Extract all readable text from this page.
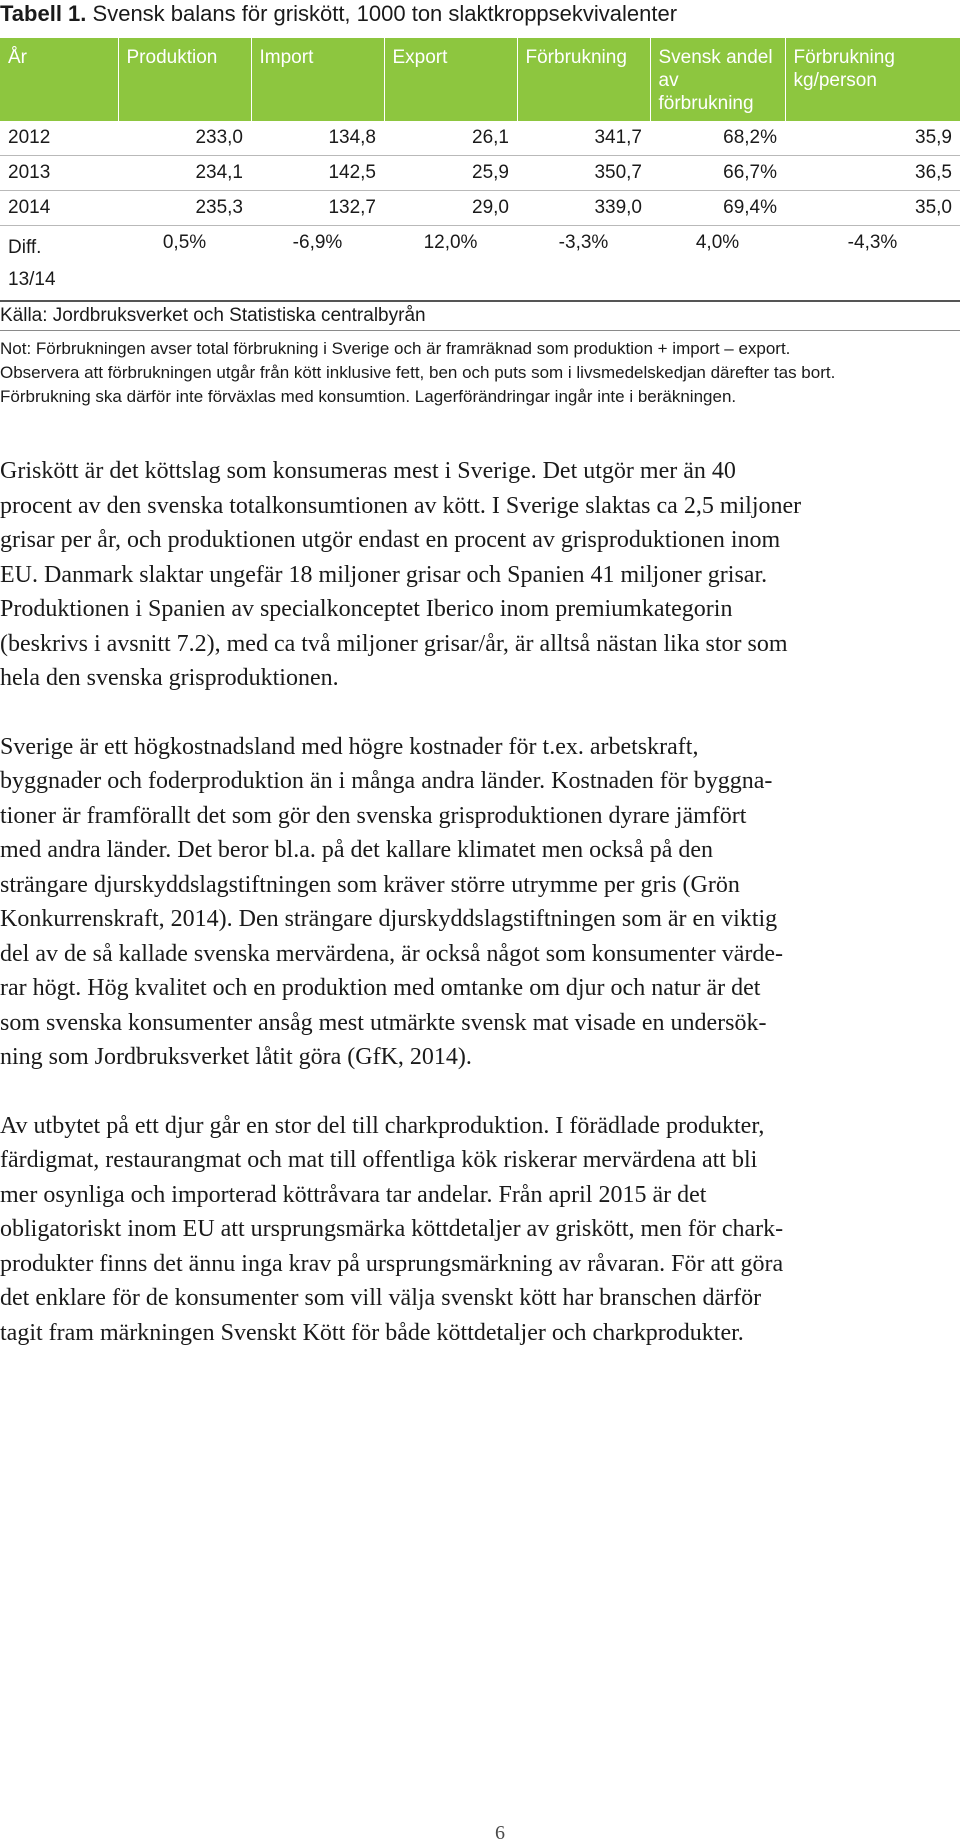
Tabell 1. Svensk balans för griskött, 1000 ton slaktkroppsekvivalenter
År	Produktion	Import	Export	Förbrukning	Svensk andel av förbrukning	Förbrukning kg/person
2012	233,0	134,8	26,1	341,7	68,2%	35,9
2013	234,1	142,5	25,9	350,7	66,7%	36,5
2014	235,3	132,7	29,0	339,0	69,4%	35,0

Diff.
13/14	0,5%	-6,9%	12,0%	-3,3%	4,0%	-4,3%
Källa: Jordbruksverket och Statistiska centralbyrån
Not: Förbrukningen avser total förbrukning i Sverige och är framräknad som produktion + import – export.
Observera att förbrukningen utgår från kött inklusive fett, ben och puts som i livsmedelskedjan därefter tas bort.
Förbrukning ska därför inte förväxlas med konsumtion. Lagerförändringar ingår inte i beräkningen.

Griskött är det köttslag som konsumeras mest i Sverige. Det utgör mer än 40
procent av den svenska totalkonsumtionen av kött. I Sverige slaktas ca 2,5 miljoner
grisar per år, och produktionen utgör endast en procent av grisproduktionen inom
EU. Danmark slaktar ungefär 18 miljoner grisar och Spanien 41 miljoner grisar.
Produktionen i Spanien av specialkonceptet Iberico inom premiumkategorin
(beskrivs i avsnitt 7.2), med ca två miljoner grisar/år, är alltså nästan lika stor som
hela den svenska grisproduktionen.

Sverige är ett högkostnadsland med högre kostnader för t.ex. arbetskraft,
byggnader och foderproduktion än i många andra länder. Kostnaden för byggna-
tioner är framförallt det som gör den svenska grisproduktionen dyrare jämfört
med andra länder. Det beror bl.a. på det kallare klimatet men också på den
strängare djurskyddslagstiftningen som kräver större utrymme per gris (Grön
Konkurrenskraft, 2014). Den strängare djurskyddslagstiftningen som är en viktig
del av de så kallade svenska mervärdena, är också något som konsumenter värde-
rar högt. Hög kvalitet och en produktion med omtanke om djur och natur är det
som svenska konsumenter ansåg mest utmärkte svensk mat visade en undersök-
ning som Jordbruksverket låtit göra (GfK, 2014).

Av utbytet på ett djur går en stor del till charkproduktion. I förädlade produkter,
färdigmat, restaurangmat och mat till offentliga kök riskerar mervärdena att bli
mer osynliga och importerad köttråvara tar andelar. Från april 2015 är det
obligatoriskt inom EU att ursprungsmärka köttdetaljer av griskött, men för chark-
produkter finns det ännu inga krav på ursprungsmärkning av råvaran. För att göra
det enklare för de konsumenter som vill välja svenskt kött har branschen därför
tagit fram märkningen Svenskt Kött för både köttdetaljer och charkprodukter.

6
